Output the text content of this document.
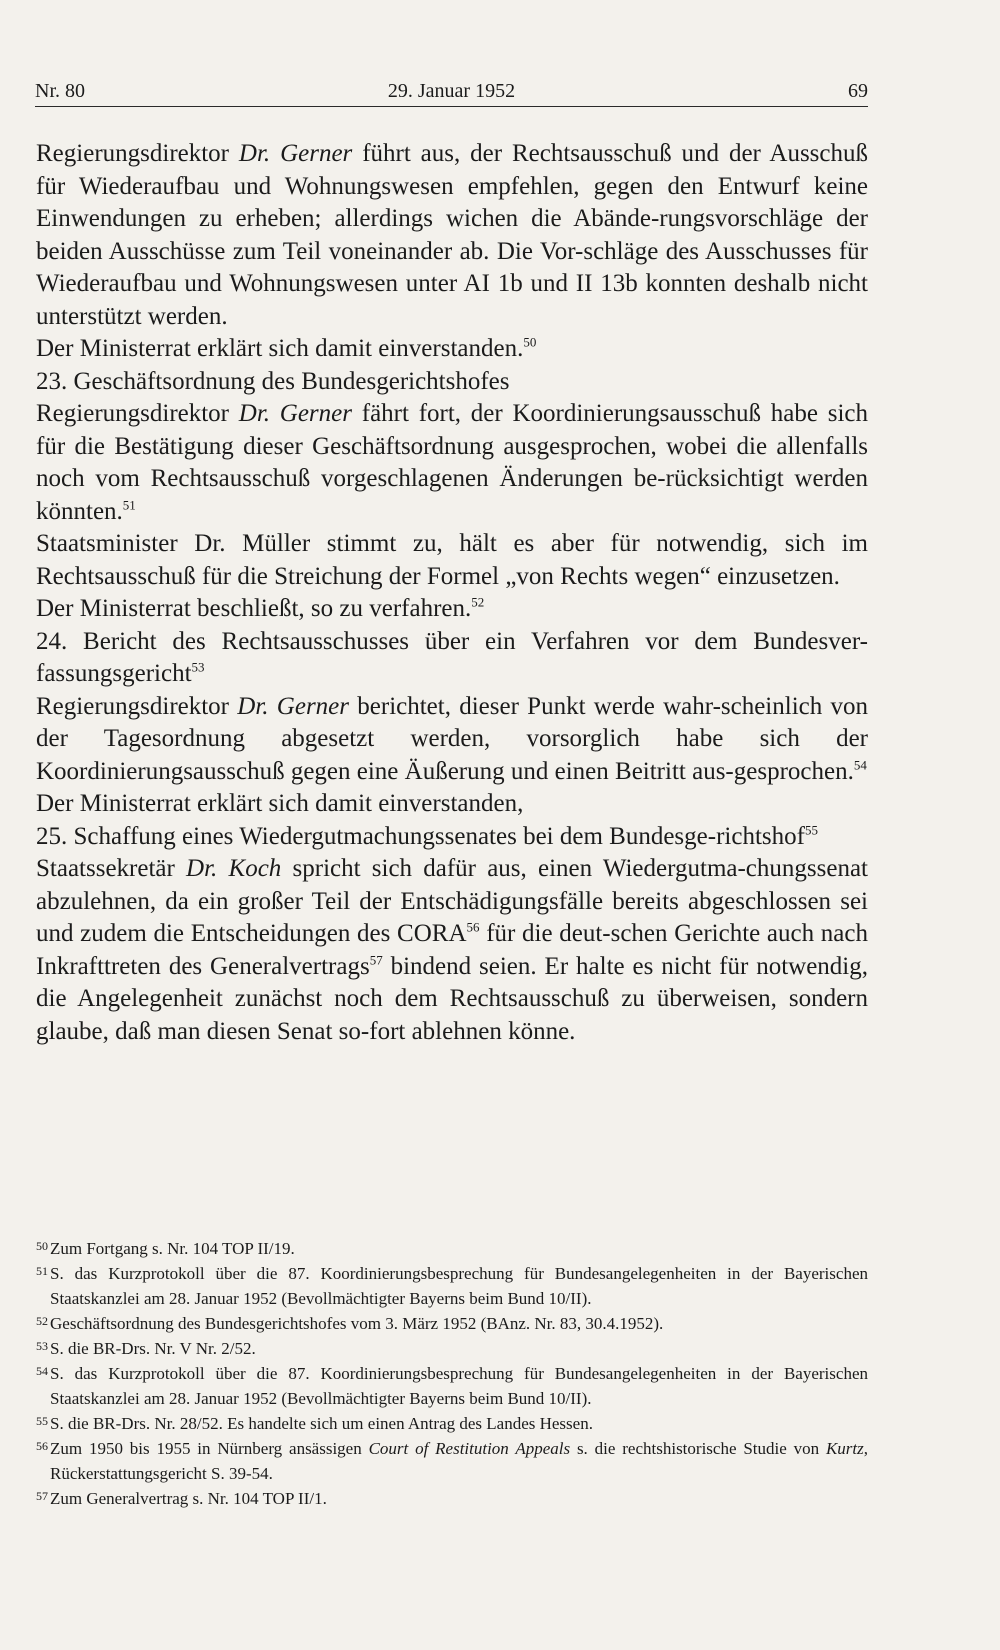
Nr. 80	29. Januar 1952	69

Regierungsdirektor Dr. Gerner führt aus, der Rechtsausschuß und der Ausschuß für Wiederaufbau und Wohnungswesen empfehlen, gegen den Entwurf keine Einwendungen zu erheben; allerdings wichen die Abände-rungsvorschläge der beiden Ausschüsse zum Teil voneinander ab. Die Vor-schläge des Ausschusses für Wiederaufbau und Wohnungswesen unter AI 1b und II 13b konnten deshalb nicht unterstützt werden.

Der Ministerrat erklärt sich damit einverstanden.$^{50}$

23. Geschäftsordnung des Bundesgerichtshofes

Regierungsdirektor Dr. Gerner fährt fort, der Koordinierungsausschuß habe sich für die Bestätigung dieser Geschäftsordnung ausgesprochen, wobei die allenfalls noch vom Rechtsausschuß vorgeschlagenen Änderungen be-rücksichtigt werden könnten.$^{51}$

Staatsminister Dr. Müller stimmt zu, hält es aber für notwendig, sich im Rechtsausschuß für die Streichung der Formel „von Rechts wegen“ einzusetzen.

Der Ministerrat beschließt, so zu verfahren.$^{52}$

24. Bericht des Rechtsausschusses über ein Verfahren vor dem Bundesver-fassungsgericht$^{53}$

Regierungsdirektor Dr. Gerner berichtet, dieser Punkt werde wahr-scheinlich von der Tagesordnung abgesetzt werden, vorsorglich habe sich der Koordinierungsausschuß gegen eine Äußerung und einen Beitritt aus-gesprochen.$^{54}$

Der Ministerrat erklärt sich damit einverstanden,

25. Schaffung eines Wiedergutmachungssenates bei dem Bundesge-richtshof$^{55}$

Staatssekretär Dr. Koch spricht sich dafür aus, einen Wiedergutma-chungssenat abzulehnen, da ein großer Teil der Entschädigungsfälle bereits abgeschlossen sei und zudem die Entscheidungen des CORA$^{56}$ für die deut-schen Gerichte auch nach Inkrafttreten des Generalvertrags$^{57}$ bindend seien. Er halte es nicht für notwendig, die Angelegenheit zunächst noch dem Rechtsausschuß zu überweisen, sondern glaube, daß man diesen Senat so-fort ablehnen könne.

50 Zum Fortgang s. Nr. 104 TOP II/19.

51 S. das Kurzprotokoll über die 87. Koordinierungsbesprechung für Bundesangelegenheiten in der Bayerischen Staatskanzlei am 28. Januar 1952 (Bevollmächtigter Bayerns beim Bund 10/II).

52 Geschäftsordnung des Bundesgerichtshofes vom 3. März 1952 (BAnz. Nr. 83, 30.4.1952).

53 S. die BR-Drs. Nr. V Nr. 2/52.

54 S. das Kurzprotokoll über die 87. Koordinierungsbesprechung für Bundesangelegenheiten in der Bayerischen Staatskanzlei am 28. Januar 1952 (Bevollmächtigter Bayerns beim Bund 10/II).

55 S. die BR-Drs. Nr. 28/52. Es handelte sich um einen Antrag des Landes Hessen.

56 Zum 1950 bis 1955 in Nürnberg ansässigen Court of Restitution Appeals s. die rechtshistorische Studie von Kurtz, Rückerstattungsgericht S. 39-54.

57 Zum Generalvertrag s. Nr. 104 TOP II/1.
